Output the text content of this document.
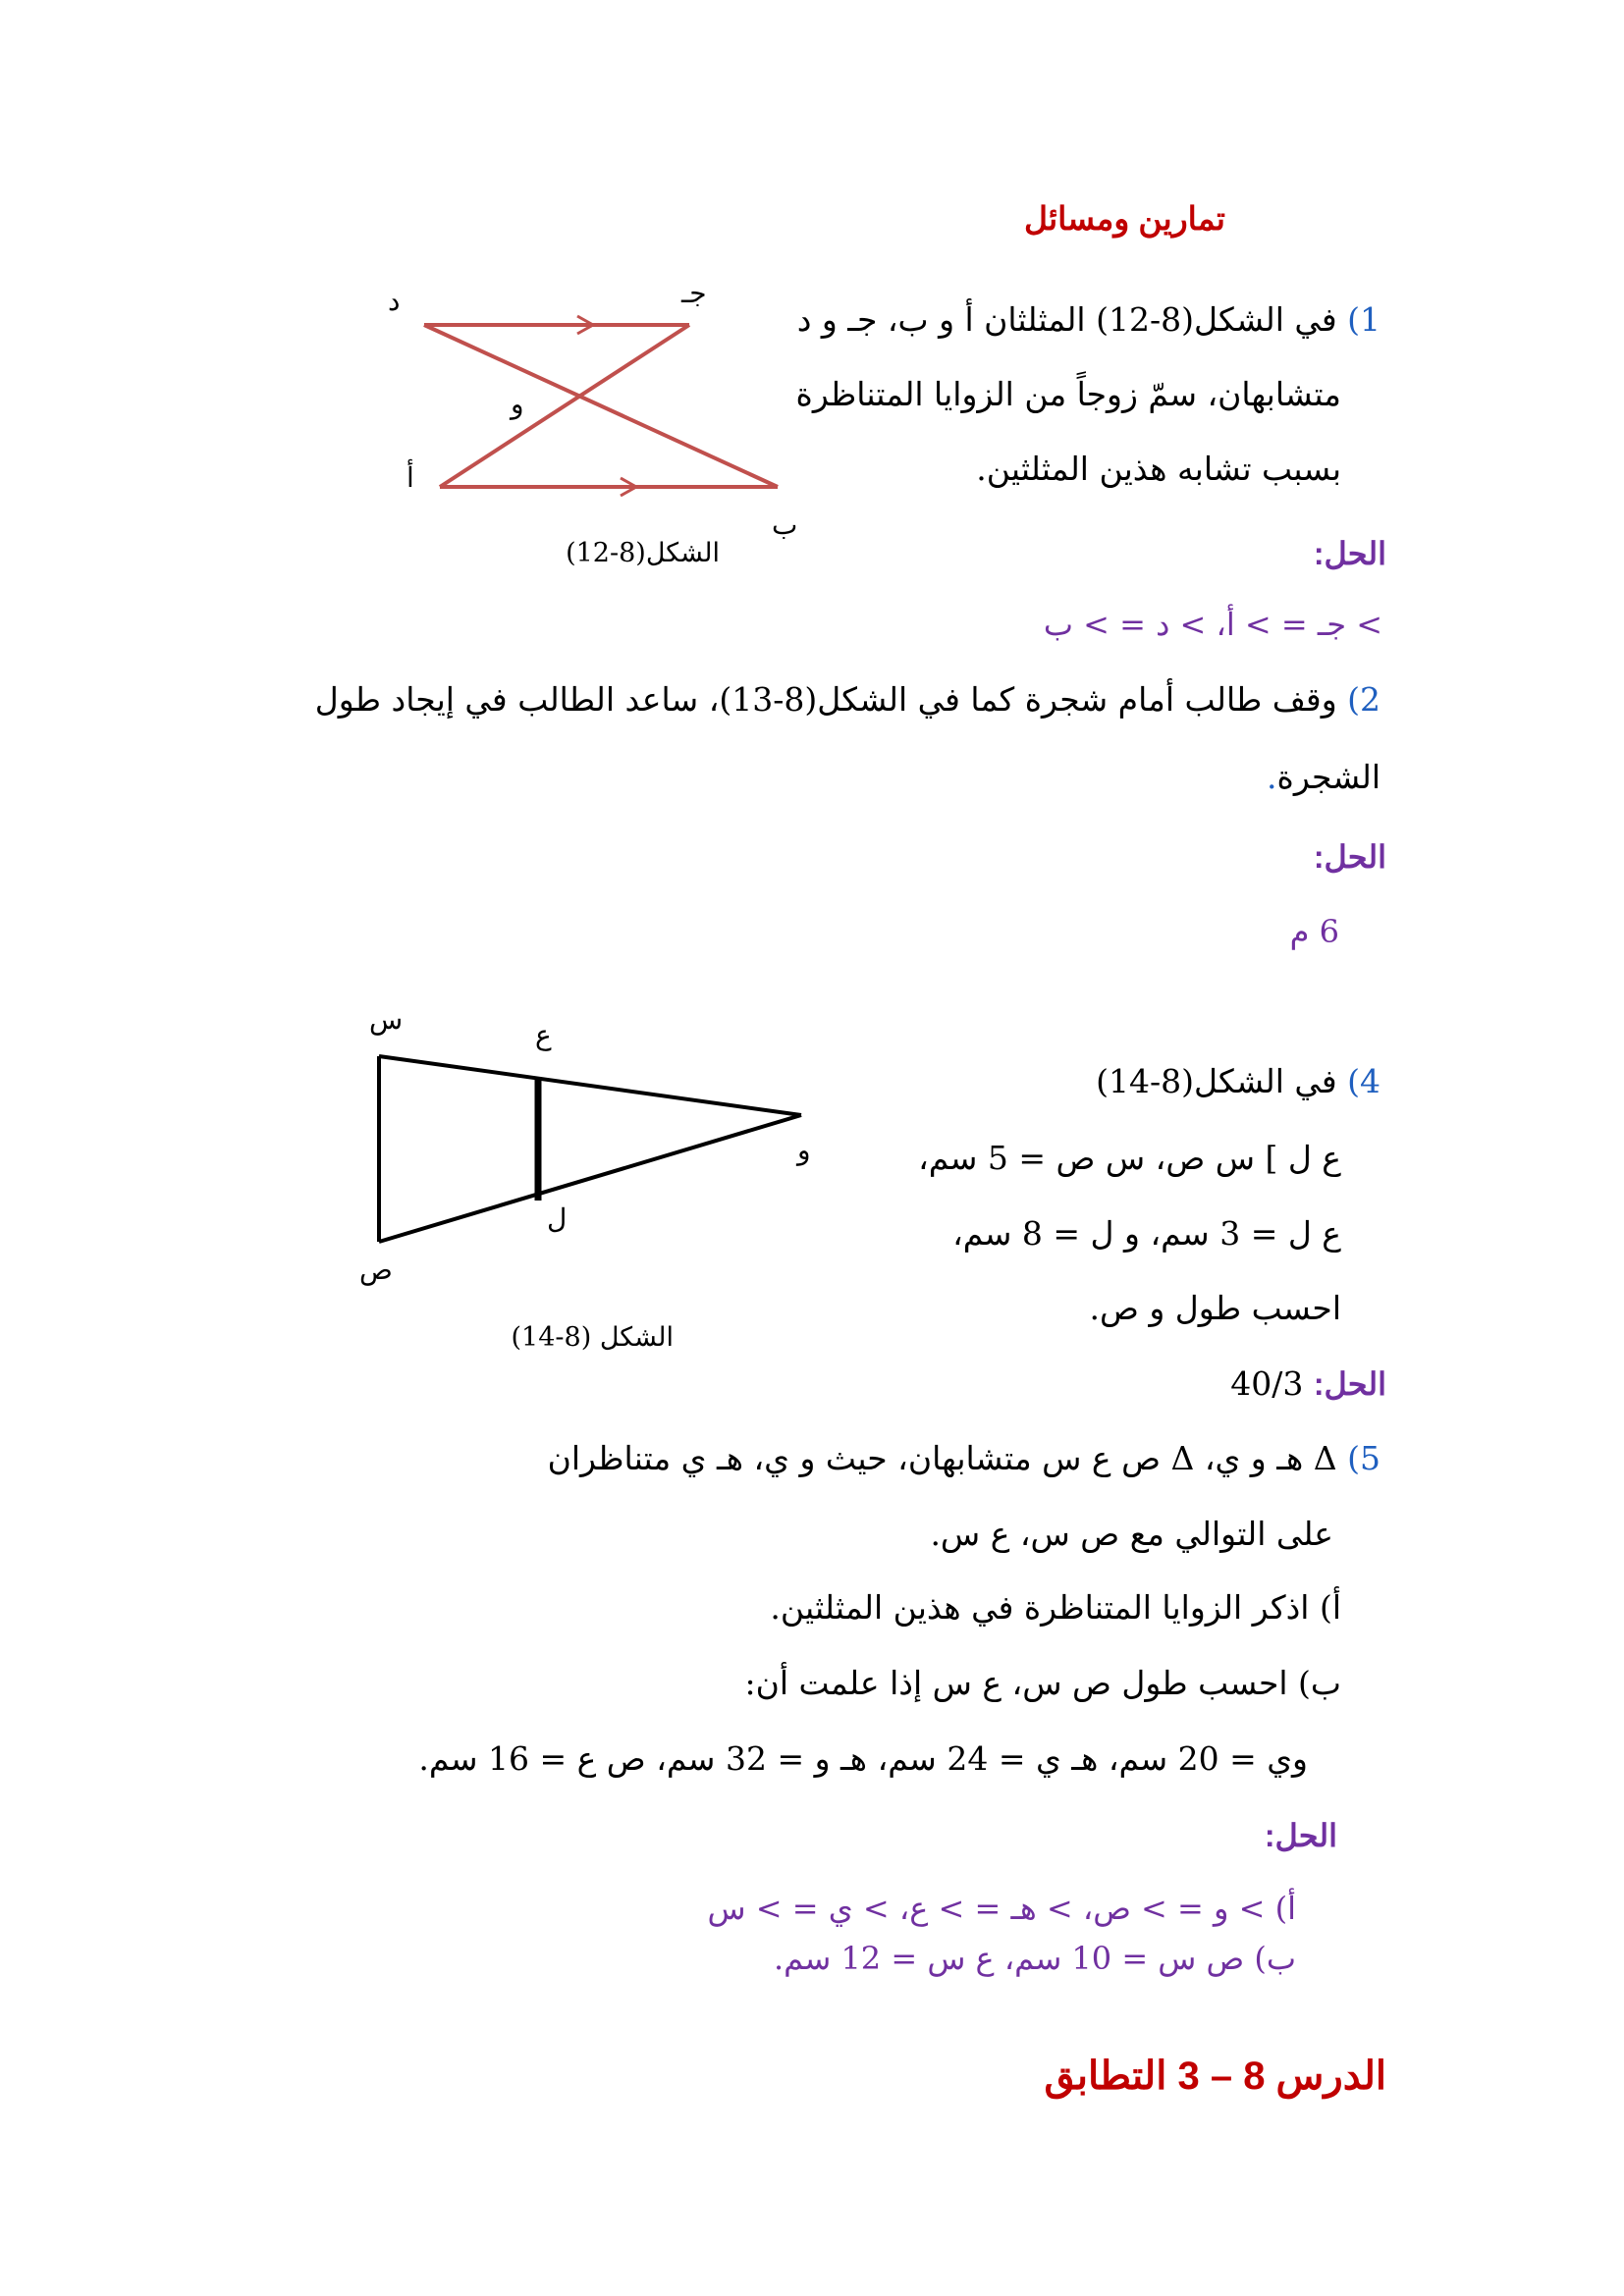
تمارين ومسائل
1) في الشكل(8-12) المثلثان أ و ب، جـ و د
متشابهان، سمّ زوجاً من الزوايا المتناظرة
بسبب تشابه هذين المثلثين.
الحل:
> جـ = > أ، > د = > ب
د	جـ
و
أ
ب
الشكل(8-12)
2) وقف طالب أمام شجرة كما في الشكل(8-13)، ساعد الطالب في إيجاد طول
الشجرة.
الحل:
6 م
4) في الشكل(8-14)
ع ل ] س ص، س ص = 5 سم،
ع ل = 3 سم، و ل = 8 سم،
احسب طول و ص.
الحل: 40/3
س
ع
و
ل
ص
الشكل (8-14)
5) Δ هـ و ي، Δ ص ع س متشابهان، حيث و ي، هـ ي متناظران
على التوالي مع ص س، ع س.
أ) اذكر الزوايا المتناظرة في هذين المثلثين.
ب) احسب طول ص س، ع س إذا علمت أن:
وي = 20 سم، هـ ي = 24 سم، هـ و = 32 سم، ص ع = 16 سم.
الحل:
أ) > و = > ص، > هـ = > ع، > ي = > س
ب) ص س = 10 سم، ع س = 12 سم.
الدرس 8 – 3 التطابق
